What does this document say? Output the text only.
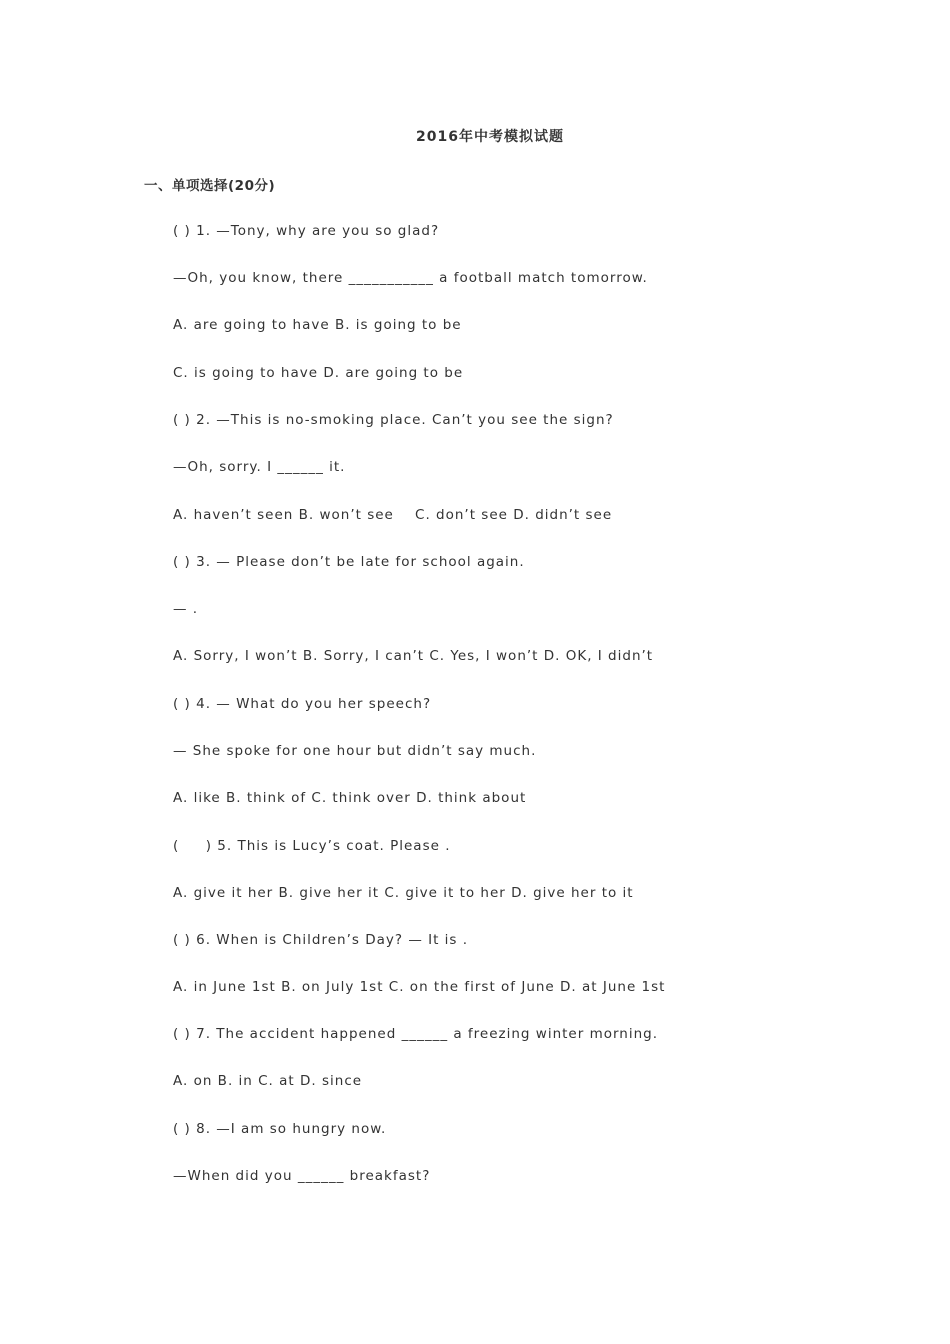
2016年中考模拟试题
一、单项选择(20分)
( ) 1. —Tony, why are you so glad?
—Oh, you know, there ___________ a football match tomorrow.
A. are going to have B. is going to be
C. is going to have D. are going to be
( ) 2. —This is no-smoking place. Can’t you see the sign?
—Oh, sorry. I ______ it.
A. haven’t seen B. won’t see    C. don’t see D. didn’t see
( ) 3. — Please don’t be late for school again.
— .
A. Sorry, I won’t B. Sorry, I can’t C. Yes, I won’t D. OK, I didn’t
( ) 4. — What do you her speech?
— She spoke for one hour but didn’t say much.
A. like B. think of C. think over D. think about
(     ) 5. This is Lucy’s coat. Please .
A. give it her B. give her it C. give it to her D. give her to it
( ) 6. When is Children’s Day? — It is .
A. in June 1st B. on July 1st C. on the first of June D. at June 1st
( ) 7. The accident happened ______ a freezing winter morning.
A. on B. in C. at D. since
( ) 8. —I am so hungry now.
—When did you ______ breakfast?
